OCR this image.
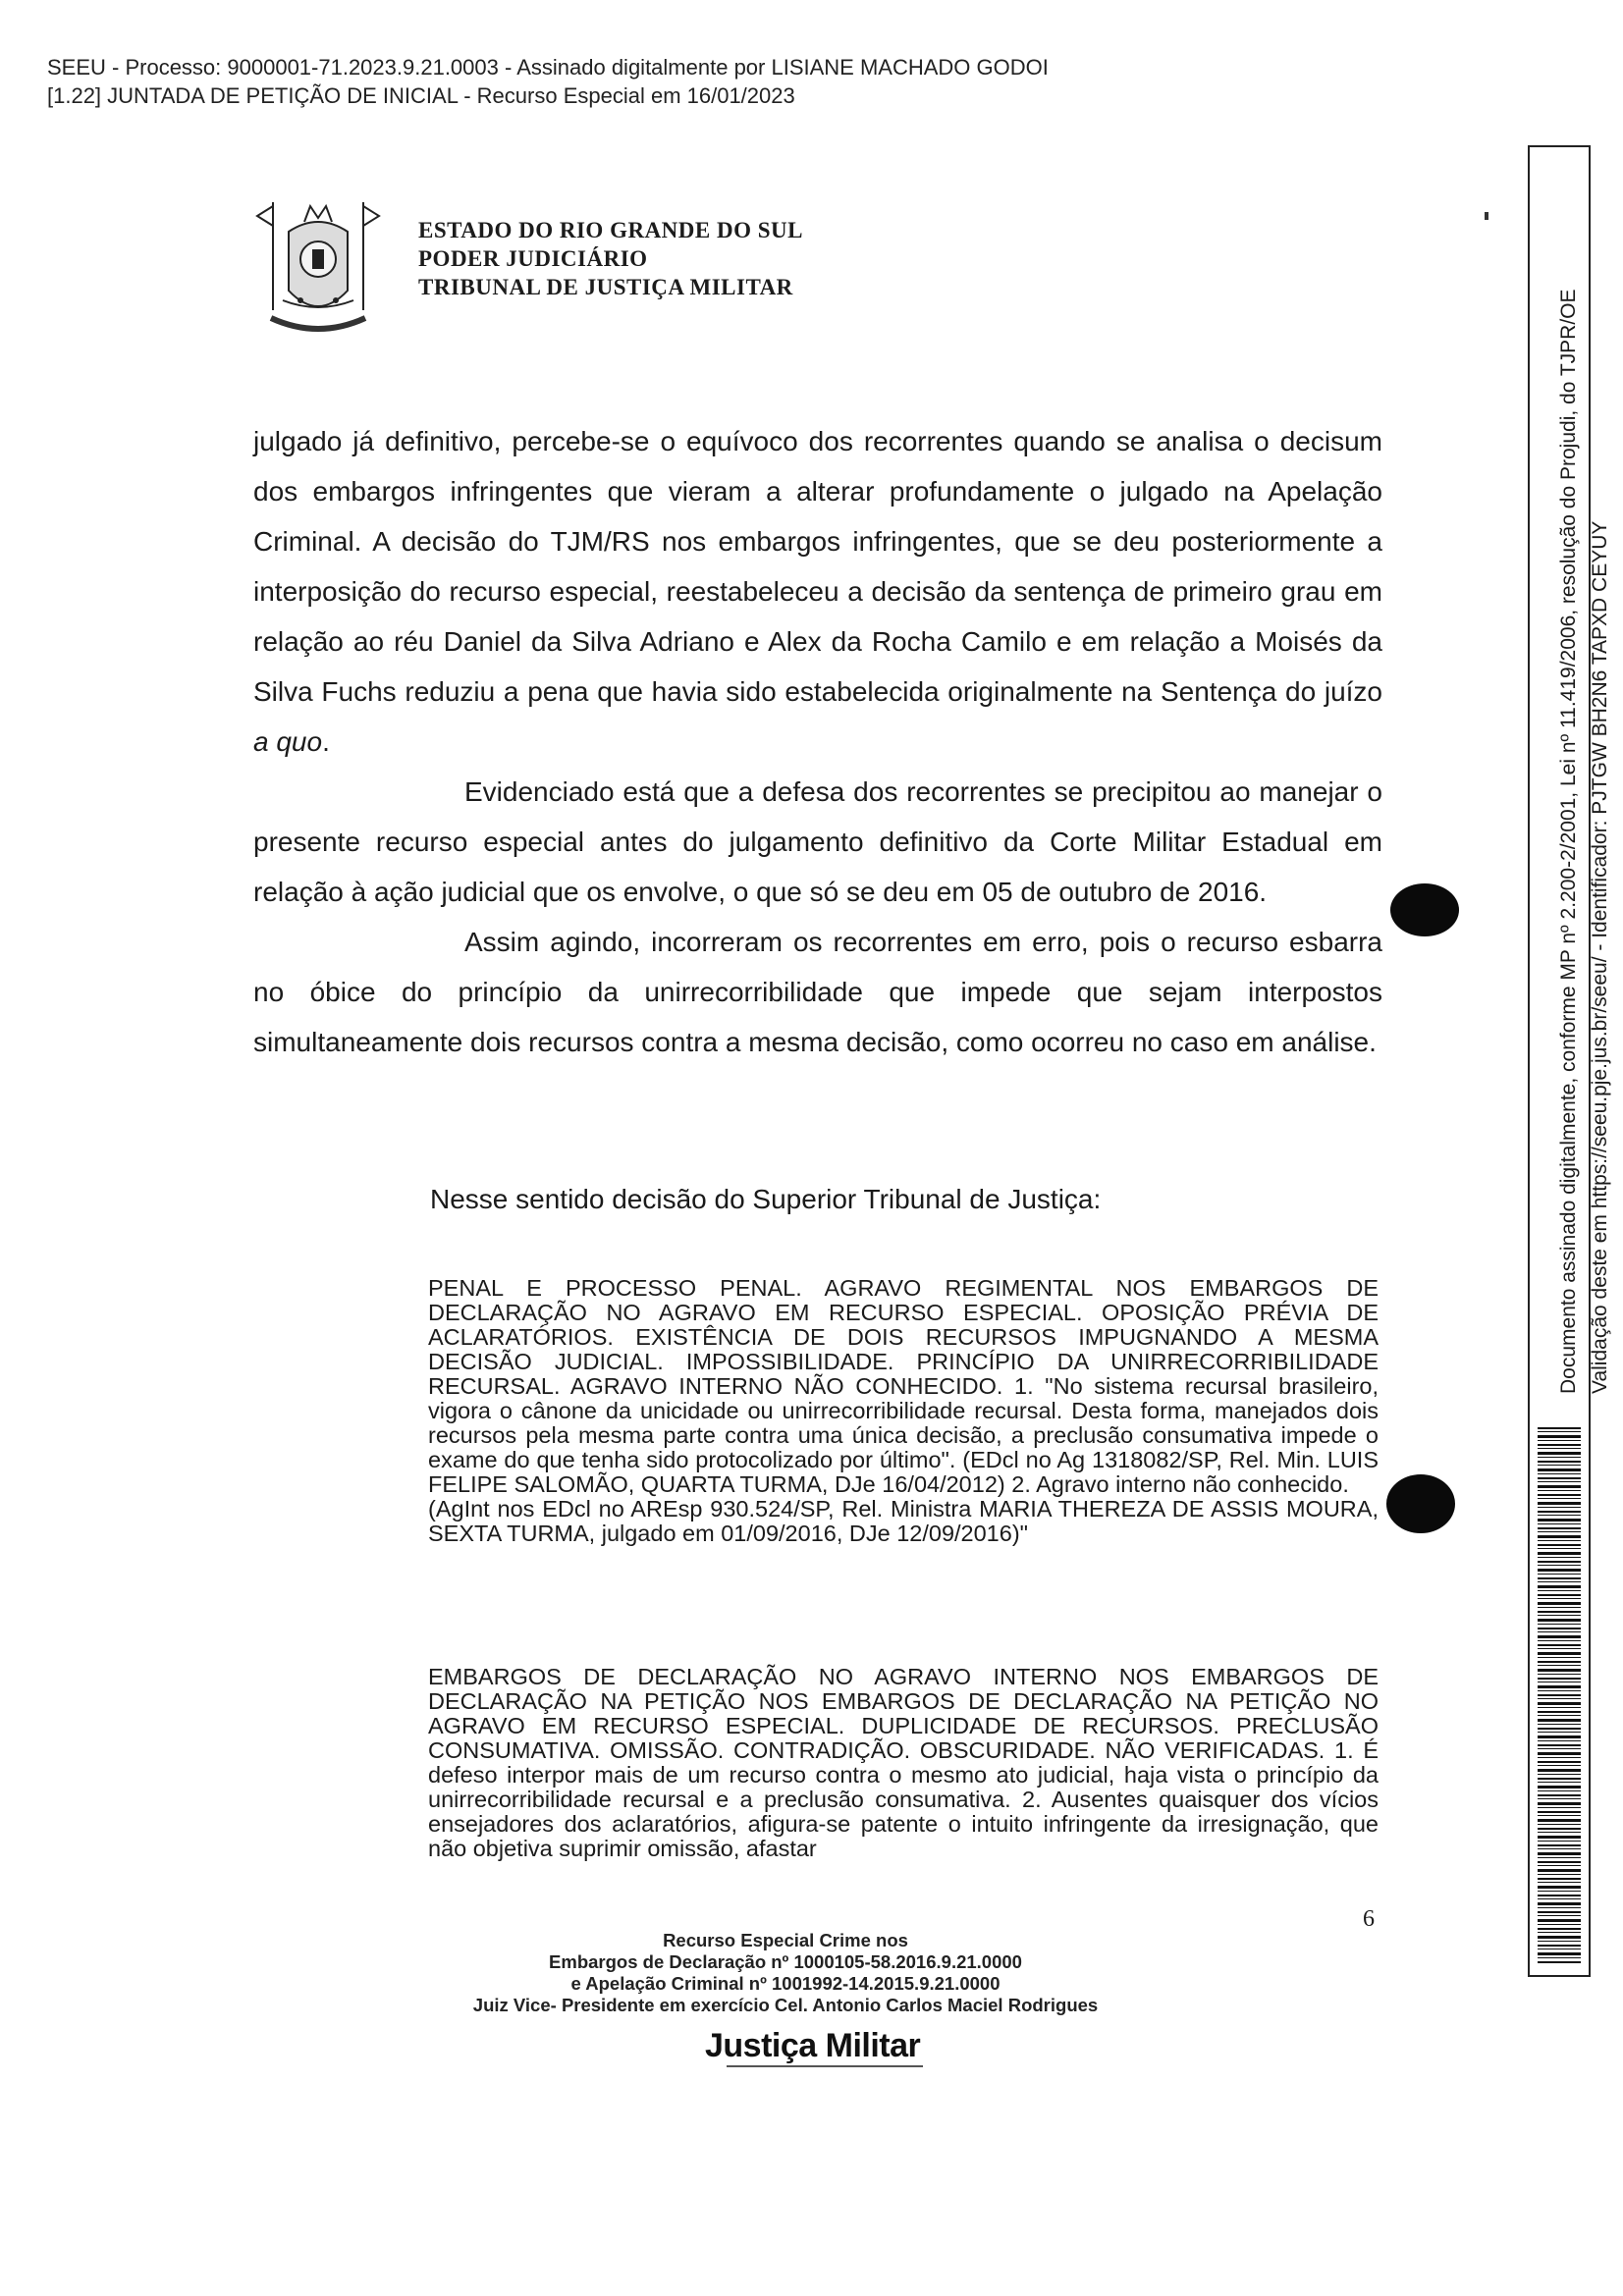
SEEU - Processo: 9000001-71.2023.9.21.0003 - Assinado digitalmente por LISIANE MACHADO GODOI
[1.22] JUNTADA DE PETIÇÃO DE INICIAL - Recurso Especial em 16/01/2023
ESTADO DO RIO GRANDE DO SUL
PODER JUDICIÁRIO
TRIBUNAL DE JUSTIÇA MILITAR

julgado já definitivo, percebe-se o equívoco dos recorrentes quando se analisa o decisum dos embargos infringentes que vieram a alterar profundamente o julgado na Apelação Criminal. A decisão do TJM/RS nos embargos infringentes, que se deu posteriormente a interposição do recurso especial, reestabeleceu a decisão da sentença de primeiro grau em relação ao réu Daniel da Silva Adriano e Alex da Rocha Camilo e em relação a Moisés da Silva Fuchs reduziu a pena que havia sido estabelecida originalmente na Sentença do juízo a quo.

Evidenciado está que a defesa dos recorrentes se precipitou ao manejar o presente recurso especial antes do julgamento definitivo da Corte Militar Estadual em relação à ação judicial que os envolve, o que só se deu em 05 de outubro de 2016.

Assim agindo, incorreram os recorrentes em erro, pois o recurso esbarra no óbice do princípio da unirrecorribilidade que impede que sejam interpostos simultaneamente dois recursos contra a mesma decisão, como ocorreu no caso em análise.

Nesse sentido decisão do Superior Tribunal de Justiça:

PENAL E PROCESSO PENAL. AGRAVO REGIMENTAL NOS EMBARGOS DE DECLARAÇÃO NO AGRAVO EM RECURSO ESPECIAL. OPOSIÇÃO PRÉVIA DE ACLARATÓRIOS. EXISTÊNCIA DE DOIS RECURSOS IMPUGNANDO A MESMA DECISÃO JUDICIAL. IMPOSSIBILIDADE. PRINCÍPIO DA UNIRRECORRIBILIDADE RECURSAL. AGRAVO INTERNO NÃO CONHECIDO. 1. "No sistema recursal brasileiro, vigora o cânone da unicidade ou unirrecorribilidade recursal. Desta forma, manejados dois recursos pela mesma parte contra uma única decisão, a preclusão consumativa impede o exame do que tenha sido protocolizado por último". (EDcl no Ag 1318082/SP, Rel. Min. LUIS FELIPE SALOMÃO, QUARTA TURMA, DJe 16/04/2012) 2. Agravo interno não conhecido.

(AgInt nos EDcl no AREsp 930.524/SP, Rel. Ministra MARIA THEREZA DE ASSIS MOURA, SEXTA TURMA, julgado em 01/09/2016, DJe 12/09/2016)"

EMBARGOS DE DECLARAÇÃO NO AGRAVO INTERNO NOS EMBARGOS DE DECLARAÇÃO NA PETIÇÃO NOS EMBARGOS DE DECLARAÇÃO NA PETIÇÃO NO AGRAVO EM RECURSO ESPECIAL. DUPLICIDADE DE RECURSOS. PRECLUSÃO CONSUMATIVA. OMISSÃO. CONTRADIÇÃO. OBSCURIDADE. NÃO VERIFICADAS. 1. É defeso interpor mais de um recurso contra o mesmo ato judicial, haja vista o princípio da unirrecorribilidade recursal e a preclusão consumativa. 2. Ausentes quaisquer dos vícios ensejadores dos aclaratórios, afigura-se patente o intuito infringente da irresignação, que não objetiva suprimir omissão, afastar

6
Recurso Especial Crime nos
Embargos de Declaração nº 1000105-58.2016.9.21.0000
e Apelação Criminal nº 1001992-14.2015.9.21.0000
Juiz Vice- Presidente em exercício Cel. Antonio Carlos Maciel Rodrigues
Justiça Militar
Documento assinado digitalmente, conforme MP nº 2.200-2/2001, Lei nº 11.419/2006, resolução do Projudi, do TJPR/OE Validação deste em https://seeu.pje.jus.br/seeu/ - Identificador: PJTGW BH2N6 TAPXD CEYUY
